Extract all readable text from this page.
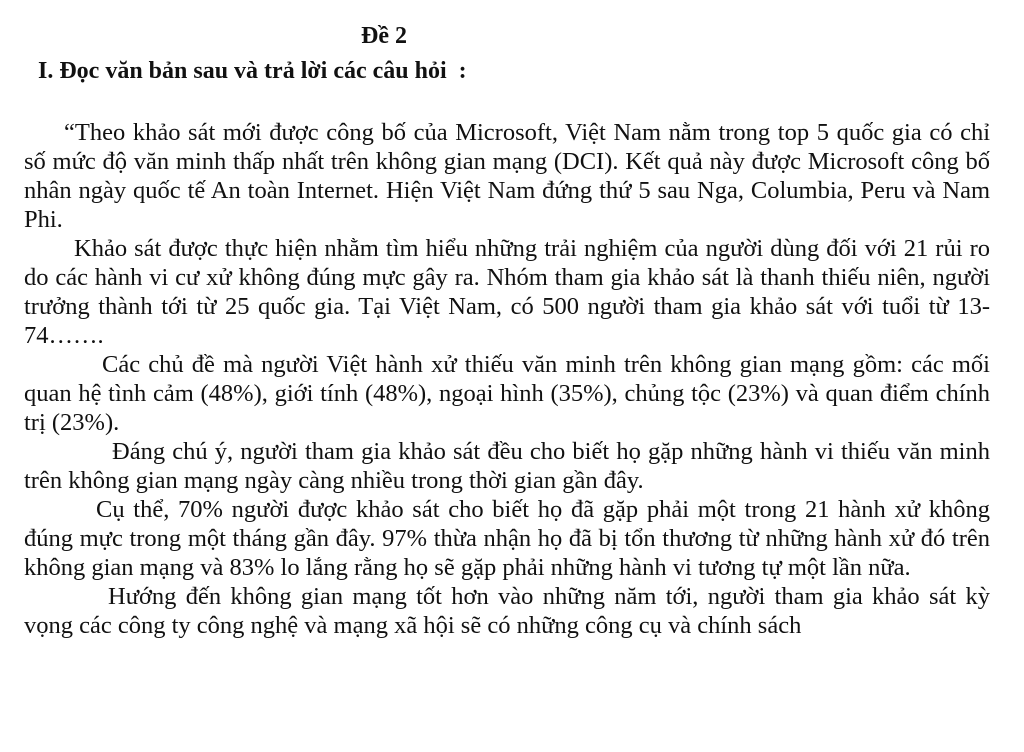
Đề 2
I. Đọc văn bản sau và trả lời các câu hỏi  :

“Theo khảo sát mới được công bố của Microsoft, Việt Nam nằm trong top 5 quốc gia có chỉ số mức độ văn minh thấp nhất trên không gian mạng (DCI). Kết quả này được Microsoft công bố nhân ngày quốc tế An toàn Internet. Hiện Việt Nam đứng thứ 5 sau Nga, Columbia, Peru và Nam Phi.

Khảo sát được thực hiện nhằm tìm hiểu những trải nghiệm của người dùng đối với 21 rủi ro do các hành vi cư xử không đúng mực gây ra. Nhóm tham gia khảo sát là thanh thiếu niên, người trưởng thành tới từ 25 quốc gia. Tại Việt Nam, có 500 người tham gia khảo sát với tuổi từ 13-74…….

Các chủ đề mà người Việt hành xử thiếu văn minh trên không gian mạng gồm: các mối quan hệ tình cảm (48%), giới tính (48%), ngoại hình (35%), chủng tộc (23%) và quan điểm chính trị (23%).

Đáng chú ý, người tham gia khảo sát đều cho biết họ gặp những hành vi thiếu văn minh trên không gian mạng ngày càng nhiều trong thời gian gần đây.

Cụ thể, 70% người được khảo sát cho biết họ đã gặp phải một trong 21 hành xử không đúng mực trong một tháng gần đây. 97% thừa nhận họ đã bị tổn thương từ những hành xử đó trên không gian mạng và 83% lo lắng rằng họ sẽ gặp phải những hành vi tương tự một lần nữa.

Hướng đến không gian mạng tốt hơn vào những năm tới, người tham gia khảo sát kỳ vọng các công ty công nghệ và mạng xã hội sẽ có những công cụ và chính sách
